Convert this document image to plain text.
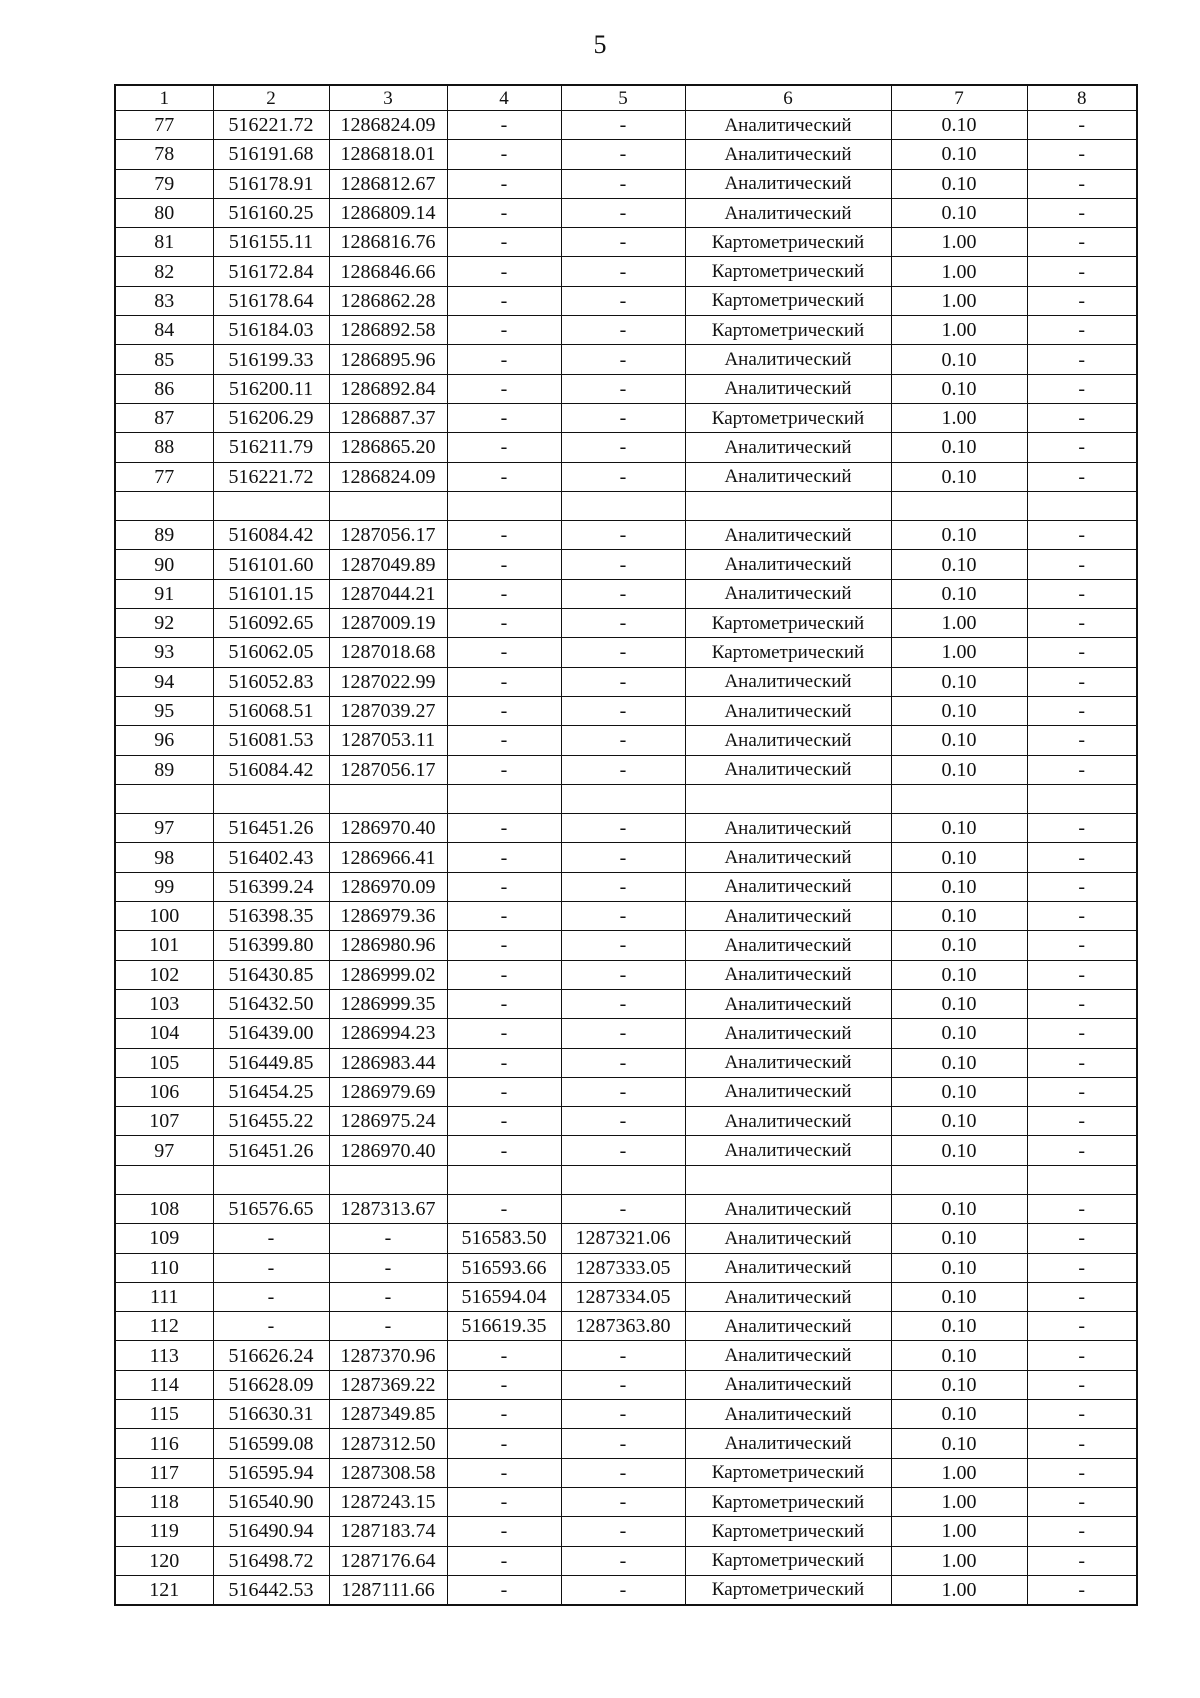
5
1	2	3	4	5	6	7	8
77	516221.72	1286824.09	-	-	Аналитический	0.10	-
78	516191.68	1286818.01	-	-	Аналитический	0.10	-
79	516178.91	1286812.67	-	-	Аналитический	0.10	-
80	516160.25	1286809.14	-	-	Аналитический	0.10	-
81	516155.11	1286816.76	-	-	Картометрический	1.00	-
82	516172.84	1286846.66	-	-	Картометрический	1.00	-
83	516178.64	1286862.28	-	-	Картометрический	1.00	-
84	516184.03	1286892.58	-	-	Картометрический	1.00	-
85	516199.33	1286895.96	-	-	Аналитический	0.10	-
86	516200.11	1286892.84	-	-	Аналитический	0.10	-
87	516206.29	1286887.37	-	-	Картометрический	1.00	-
88	516211.79	1286865.20	-	-	Аналитический	0.10	-
77	516221.72	1286824.09	-	-	Аналитический	0.10	-

89	516084.42	1287056.17	-	-	Аналитический	0.10	-
90	516101.60	1287049.89	-	-	Аналитический	0.10	-
91	516101.15	1287044.21	-	-	Аналитический	0.10	-
92	516092.65	1287009.19	-	-	Картометрический	1.00	-
93	516062.05	1287018.68	-	-	Картометрический	1.00	-
94	516052.83	1287022.99	-	-	Аналитический	0.10	-
95	516068.51	1287039.27	-	-	Аналитический	0.10	-
96	516081.53	1287053.11	-	-	Аналитический	0.10	-
89	516084.42	1287056.17	-	-	Аналитический	0.10	-

97	516451.26	1286970.40	-	-	Аналитический	0.10	-
98	516402.43	1286966.41	-	-	Аналитический	0.10	-
99	516399.24	1286970.09	-	-	Аналитический	0.10	-
100	516398.35	1286979.36	-	-	Аналитический	0.10	-
101	516399.80	1286980.96	-	-	Аналитический	0.10	-
102	516430.85	1286999.02	-	-	Аналитический	0.10	-
103	516432.50	1286999.35	-	-	Аналитический	0.10	-
104	516439.00	1286994.23	-	-	Аналитический	0.10	-
105	516449.85	1286983.44	-	-	Аналитический	0.10	-
106	516454.25	1286979.69	-	-	Аналитический	0.10	-
107	516455.22	1286975.24	-	-	Аналитический	0.10	-
97	516451.26	1286970.40	-	-	Аналитический	0.10	-

108	516576.65	1287313.67	-	-	Аналитический	0.10	-
109	-	-	516583.50	1287321.06	Аналитический	0.10	-
110	-	-	516593.66	1287333.05	Аналитический	0.10	-
111	-	-	516594.04	1287334.05	Аналитический	0.10	-
112	-	-	516619.35	1287363.80	Аналитический	0.10	-
113	516626.24	1287370.96	-	-	Аналитический	0.10	-
114	516628.09	1287369.22	-	-	Аналитический	0.10	-
115	516630.31	1287349.85	-	-	Аналитический	0.10	-
116	516599.08	1287312.50	-	-	Аналитический	0.10	-
117	516595.94	1287308.58	-	-	Картометрический	1.00	-
118	516540.90	1287243.15	-	-	Картометрический	1.00	-
119	516490.94	1287183.74	-	-	Картометрический	1.00	-
120	516498.72	1287176.64	-	-	Картометрический	1.00	-
121	516442.53	1287111.66	-	-	Картометрический	1.00	-
